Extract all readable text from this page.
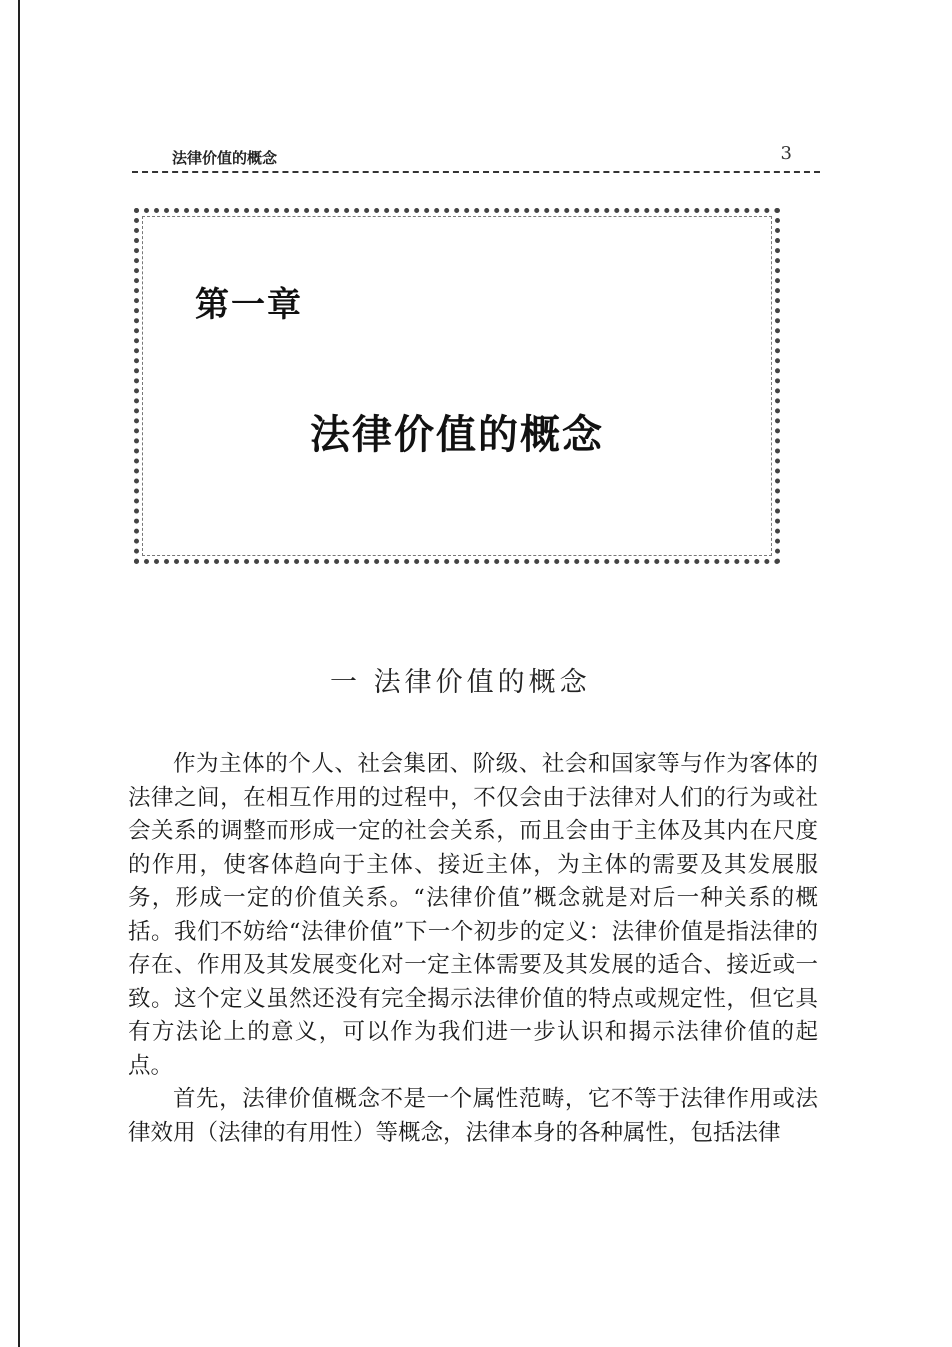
法律价值的概念	3
第一章
法律价值的概念
一 法律价值的概念

作为主体的个人、社会集团、阶级、社会和国家等与作为客体的法律之间，在相互作用的过程中，不仅会由于法律对人们的行为或社会关系的调整而形成一定的社会关系，而且会由于主体及其内在尺度的作用，使客体趋向于主体、接近主体，为主体的需要及其发展服务，形成一定的价值关系。“法律价值”概念就是对后一种关系的概括。我们不妨给“法律价值”下一个初步的定义：法律价值是指法律的存在、作用及其发展变化对一定主体需要及其发展的适合、接近或一致。这个定义虽然还没有完全揭示法律价值的特点或规定性，但它具有方法论上的意义，可以作为我们进一步认识和揭示法律价值的起点。

首先，法律价值概念不是一个属性范畴，它不等于法律作用或法律效用（法律的有用性）等概念，法律本身的各种属性，包括法律
